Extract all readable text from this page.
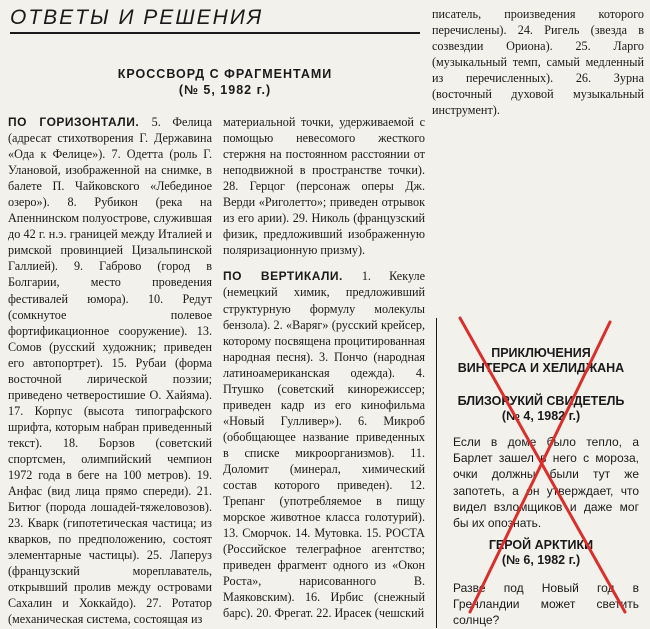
ОТВЕТЫ И РЕШЕНИЯ
КРОССВОРД С ФРАГМЕНТАМИ
(№ 5, 1982 г.)

ПО ГОРИЗОНТАЛИ. 5. Фелица (адресат стихотворения Г. Державина «Ода к Фелице»). 7. Одетта (роль Г. Улановой, изображенной на снимке, в балете П. Чайковского «Лебединое озеро»). 8. Рубикон (река на Апеннинском полуострове, служившая до 42 г. н.э. границей между Италией и римской провинцией Цизальпинской Галлией). 9. Габрово (город в Болгарии, место проведения фестивалей юмора). 10. Редут (сомкнутое полевое фортификационное сооружение). 13. Сомов (русский художник; приведен его автопортрет). 15. Рубаи (форма восточной лирической поэзии; приведено четверостишие О. Хайяма). 17. Корпус (высота типографского шрифта, которым набран приведенный текст). 18. Борзов (советский спортсмен, олимпийский чемпион 1972 года в беге на 100 метров). 19. Анфас (вид лица прямо спереди). 21. Битюг (порода лошадей-тяжеловозов). 23. Кварк (гипотетическая частица; из кварков, по предположению, состоят элементарные частицы). 25. Лаперуз (французский мореплаватель, открывший пролив между островами Сахалин и Хоккайдо). 27. Ротатор (механическая система, состоящая из

материальной точки, удерживаемой с помощью невесомого жесткого стержня на постоянном расстоянии от неподвижной в пространстве точки). 28. Герцог (персонаж оперы Дж. Верди «Риголетто»; приведен отрывок из его арии). 29. Николь (французский физик, предложивший изображенную поляризационную призму).

ПО ВЕРТИКАЛИ. 1. Кекуле (немецкий химик, предложивший структурную формулу молекулы бензола). 2. «Варяг» (русский крейсер, которому посвящена процитированная народная песня). 3. Пончо (народная латиноамериканская одежда). 4. Птушко (советский кинорежиссер; приведен кадр из его кинофильма «Новый Гулливер»). 6. Микроб (обобщающее название приведенных в списке микроорганизмов). 11. Доломит (минерал, химический состав которого приведен). 12. Трепанг (употребляемое в пищу морское животное класса голотурий). 13. Сморчок. 14. Мутовка. 15. РОСТА (Российское телеграфное агентство; приведен фрагмент одного из «Окон Роста», нарисованного В. Маяковским). 16. Ирбис (снежный барс). 20. Фрегат. 22. Ирасек (чешский

писатель, произведения которого перечислены). 24. Ригель (звезда в созвездии Ориона). 25. Ларго (музыкальный темп, самый медленный из перечисленных). 26. Зурна (восточный духовой музыкальный инструмент).

ПРИКЛЮЧЕНИЯ
ВИНТЕРСА И ХЕЛИДЖАНА
БЛИЗОРУКИЙ СВИДЕТЕЛЬ
(№ 4, 1982 г.)
Если в доме было тепло, а Барлет зашел в него с мороза, очки должны были тут же запотеть, а он утверждает, что видел взломщиков и даже мог бы их опознать.
ГЕРОЙ АРКТИКИ
(№ 6, 1982 г.)
Разве под Новый год в Гренландии может светить солнце?
